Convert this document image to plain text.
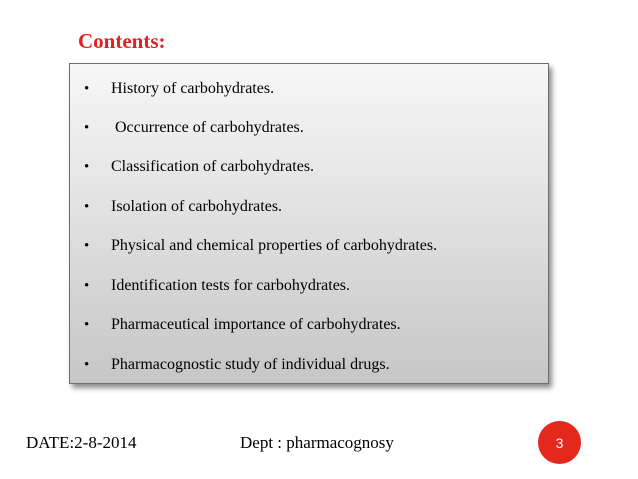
Contents:
•	History of carbohydrates.
•	Occurrence of carbohydrates.
•	Classification of carbohydrates.
•	Isolation of carbohydrates.
•	Physical and chemical properties of carbohydrates.
•	Identification tests for carbohydrates.
•	Pharmaceutical importance of carbohydrates.
•	Pharmacognostic study of individual drugs.
DATE:2-8-2014	Dept : pharmacognosy	3
